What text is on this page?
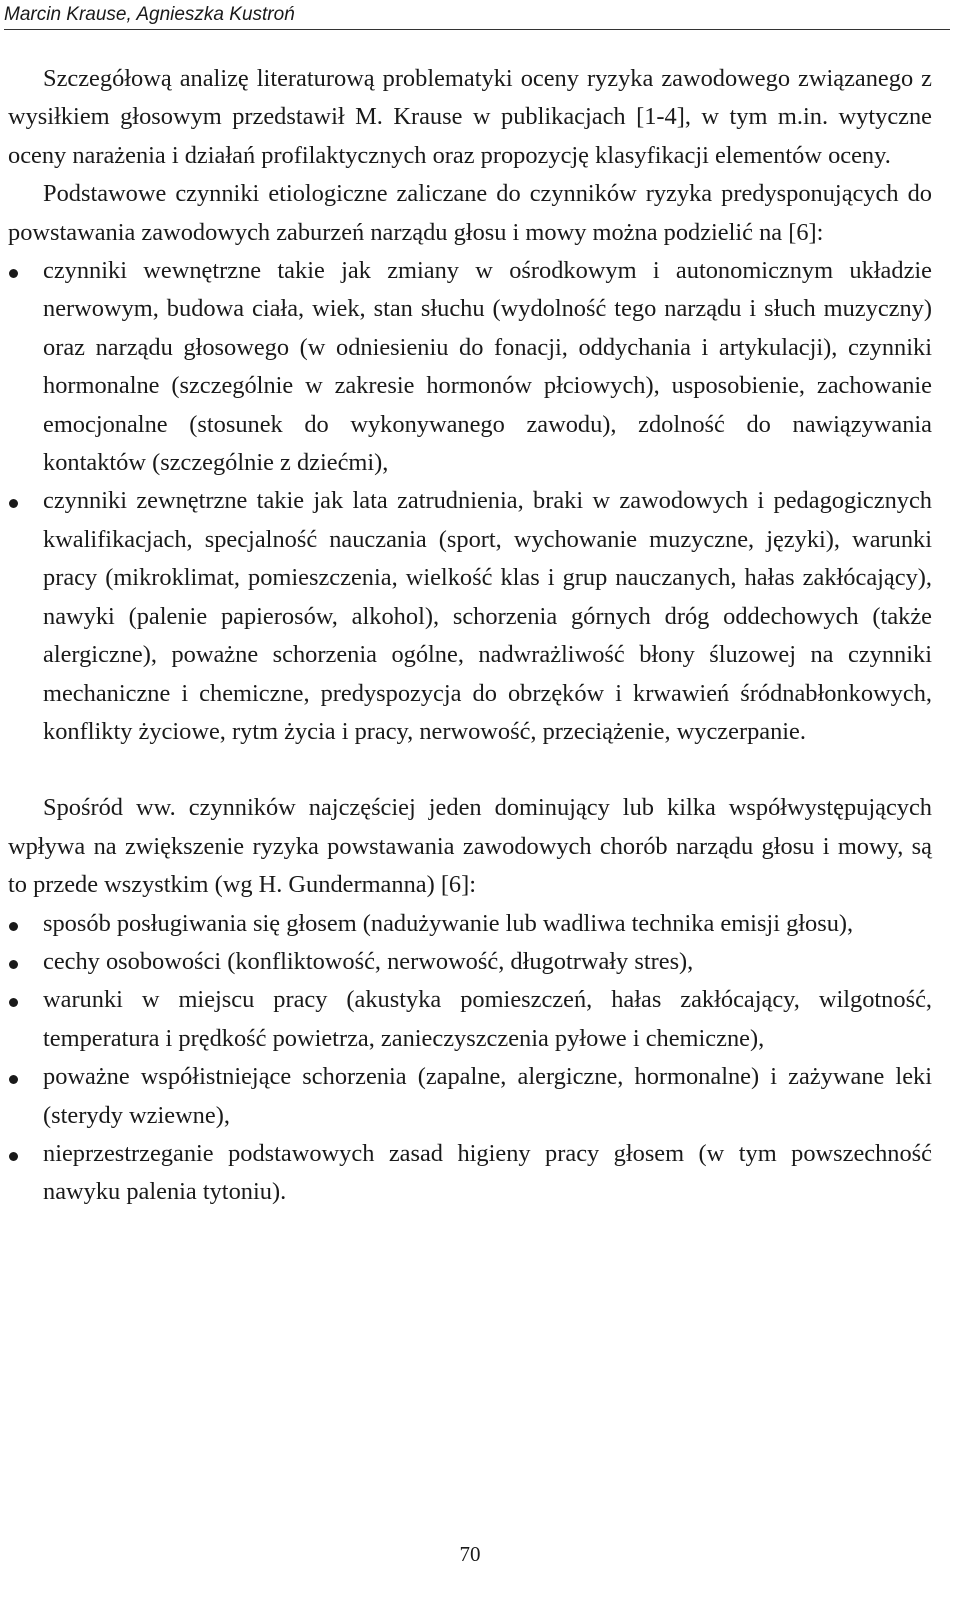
Marcin Krause, Agnieszka Kustroń

Szczegółową analizę literaturową problematyki oceny ryzyka zawodowego związanego z wysiłkiem głosowym przedstawił M. Krause w publikacjach [1-4], w tym m.in. wytyczne oceny narażenia i działań profilaktycznych oraz propozycję klasyfikacji elementów oceny.

Podstawowe czynniki etiologiczne zaliczane do czynników ryzyka predysponujących do powstawania zawodowych zaburzeń narządu głosu i mowy można podzielić na [6]:

czynniki wewnętrzne takie jak zmiany w ośrodkowym i autonomicznym układzie nerwowym, budowa ciała, wiek, stan słuchu (wydolność tego narządu i słuch muzyczny) oraz narządu głosowego (w odniesieniu do fonacji, oddychania i artykulacji), czynniki hormonalne (szczególnie w zakresie hormonów płciowych), usposobienie, zachowanie emocjonalne (stosunek do wykonywanego zawodu), zdolność do nawiązywania kontaktów (szczególnie z dziećmi),
czynniki zewnętrzne takie jak lata zatrudnienia, braki w zawodowych i pedagogicznych kwalifikacjach, specjalność nauczania (sport, wychowanie muzyczne, języki), warunki pracy (mikroklimat, pomieszczenia, wielkość klas i grup nauczanych, hałas zakłócający), nawyki (palenie papierosów, alkohol), schorzenia górnych dróg oddechowych (także alergiczne), poważne schorzenia ogólne, nadwrażliwość błony śluzowej na czynniki mechaniczne i chemiczne, predyspozycja do obrzęków i krwawień śródnabłonkowych, konflikty życiowe, rytm życia i pracy, nerwowość, przeciążenie, wyczerpanie.

Spośród ww. czynników najczęściej jeden dominujący lub kilka współwystępujących wpływa na zwiększenie ryzyka powstawania zawodowych chorób narządu głosu i mowy, są to przede wszystkim (wg H. Gundermanna) [6]:

sposób posługiwania się głosem (nadużywanie lub wadliwa technika emisji głosu),
cechy osobowości (konfliktowość, nerwowość, długotrwały stres),
warunki w miejscu pracy (akustyka pomieszczeń, hałas zakłócający, wilgotność, temperatura i prędkość powietrza, zanieczyszczenia pyłowe i chemiczne),
poważne współistniejące schorzenia (zapalne, alergiczne, hormonalne) i zażywane leki (sterydy wziewne),
nieprzestrzeganie podstawowych zasad higieny pracy głosem (w tym powszechność nawyku palenia tytoniu).
70
